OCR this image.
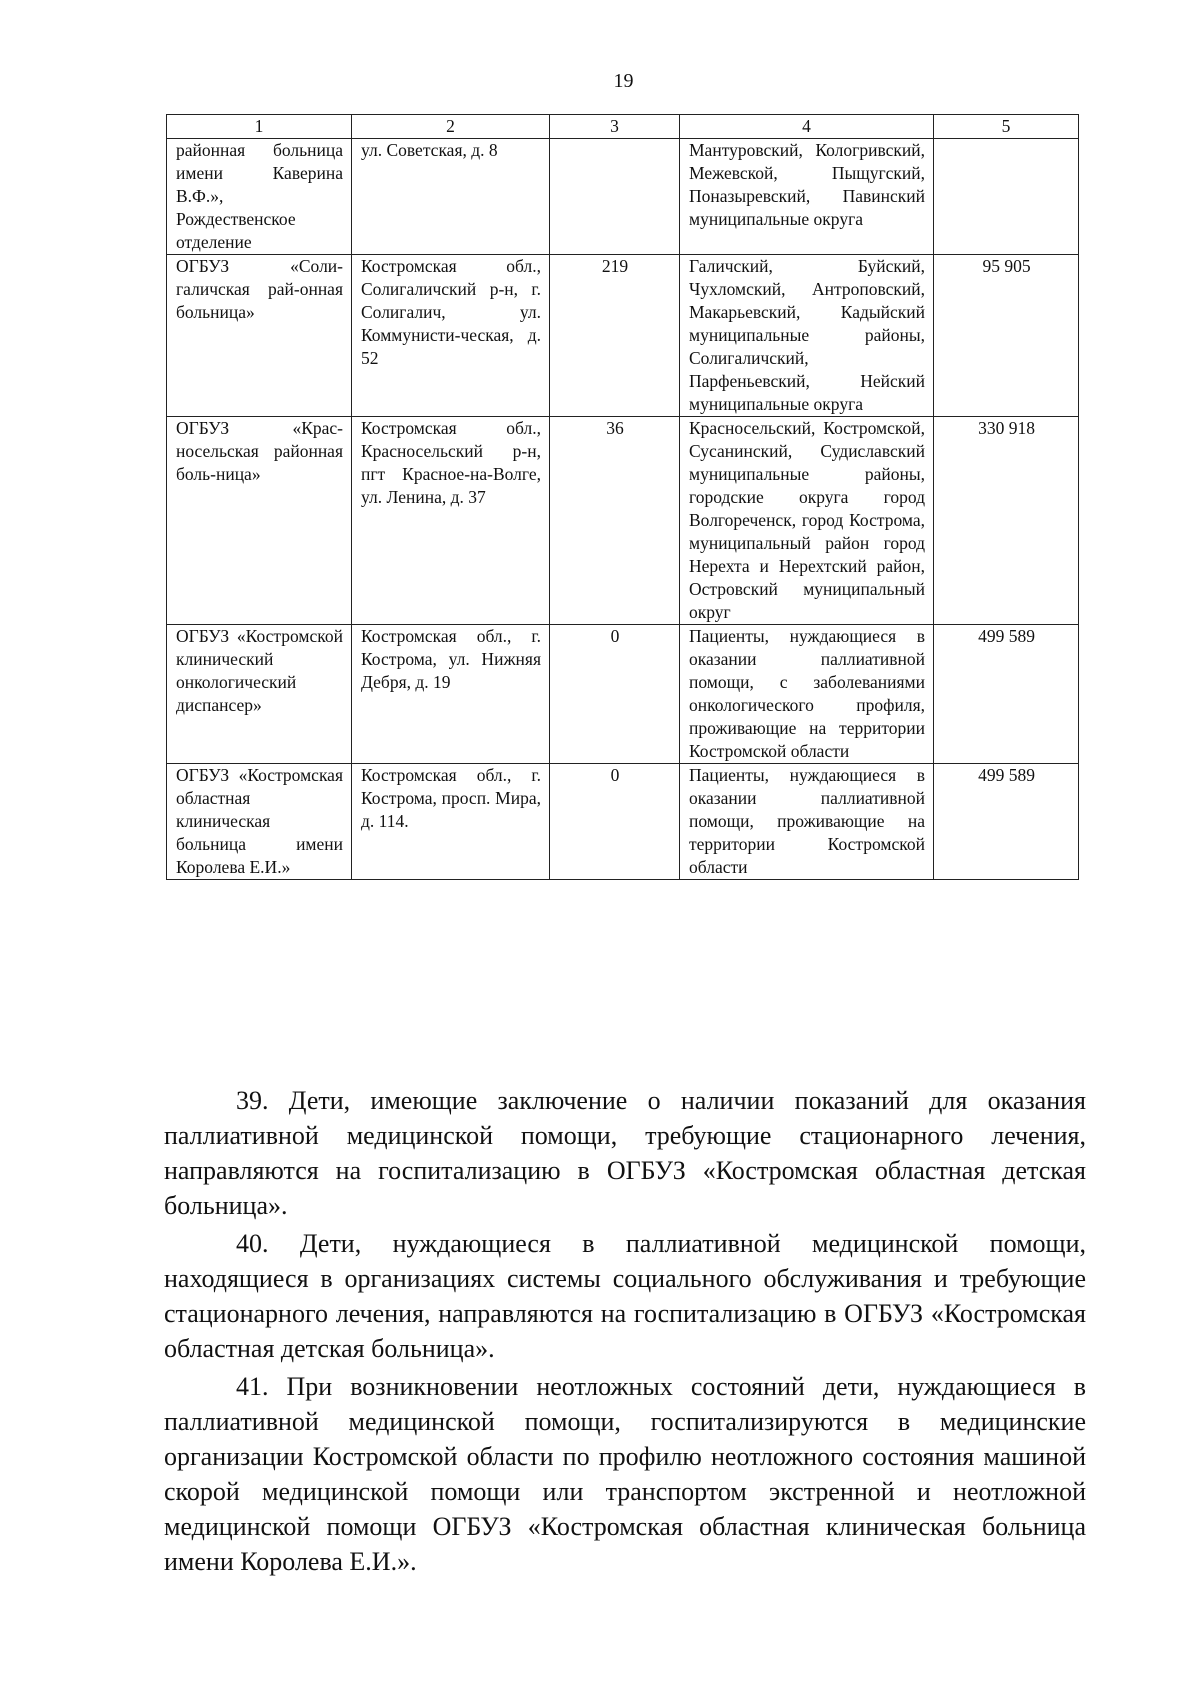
19
1	2	3	4	5
районная больница имени Каверина В.Ф.», Рождественское отделение	ул. Советская, д. 8		Мантуровский, Кологривский, Межевской, Пыщугский, Поназыревский, Павинский муниципальные округа	
ОГБУЗ «Соли-галичская рай-онная больница»	Костромская обл., Солигаличский р-н, г. Солигалич, ул. Коммунисти-ческая, д. 52	219	Галичский, Буйский, Чухломский, Антроповский, Макарьевский, Кадыйский муниципальные районы, Солигаличский, Парфеньевский, Нейский муниципальные округа	95 905
ОГБУЗ «Крас-носельская районная боль-ница»	Костромская обл., Красносельский р-н, пгт Красное-на-Волге, ул. Ленина, д. 37	36	Красносельский, Костромской, Сусанинский, Судиславский муниципальные районы, городские округа город Волгореченск, город Кострома, муниципальный район город Нерехта и Нерехтский район, Островский муниципальный округ	330 918
ОГБУЗ «Костромской клинический онкологический диспансер»	Костромская обл., г. Кострома, ул. Нижняя Дебря, д. 19	0	Пациенты, нуждающиеся в оказании паллиативной помощи, с заболеваниями онкологического профиля, проживающие на территории Костромской области	499 589
ОГБУЗ «Костромская областная клиническая больница имени Королева Е.И.»	Костромская обл., г. Кострома, просп. Мира, д. 114.	0	Пациенты, нуждающиеся в оказании паллиативной помощи, проживающие на территории Костромской области	499 589

39. Дети, имеющие заключение о наличии показаний для оказания паллиативной медицинской помощи, требующие стационарного лечения, направляются на госпитализацию в ОГБУЗ «Костромская областная детская больница».

40. Дети, нуждающиеся в паллиативной медицинской помощи, находящиеся в организациях системы социального обслуживания и требующие стационарного лечения, направляются на госпитализацию в ОГБУЗ «Костромская областная детская больница».

41. При возникновении неотложных состояний дети, нуждающиеся в паллиативной медицинской помощи, госпитализируются в медицинские организации Костромской области по профилю неотложного состояния машиной скорой медицинской помощи или транспортом экстренной и неотложной медицинской помощи ОГБУЗ «Костромская областная клиническая больница имени Королева Е.И.».
